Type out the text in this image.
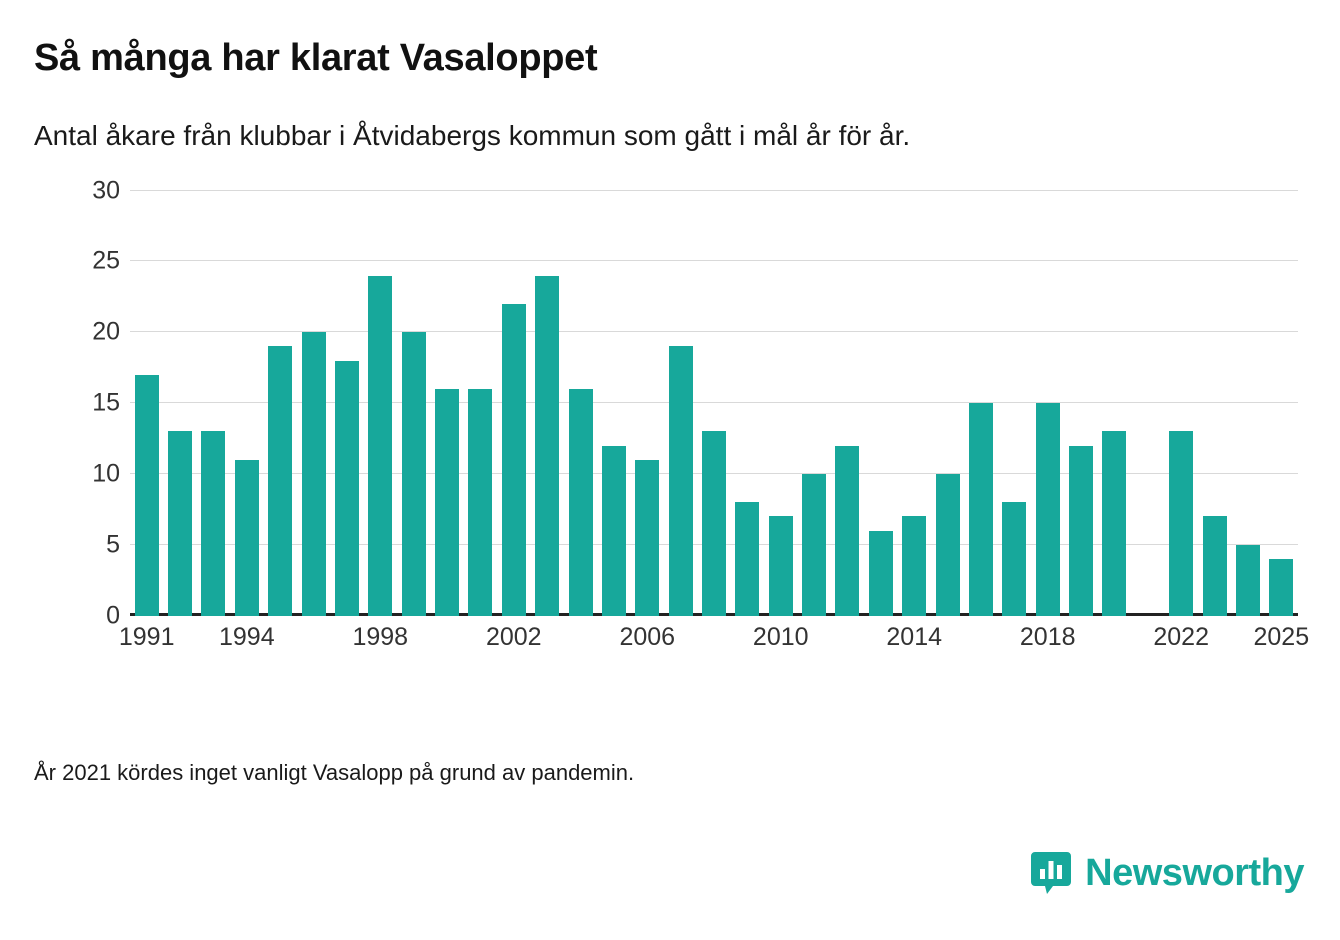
Så många har klarat Vasaloppet

Antal åkare från klubbar i Åtvidabergs kommun som gått i mål år för år.

0
5
10
15
20
25
30
1991 1994	1998	2002	2006	2010	2014	2018	2022 2025
År 2021 kördes inget vanligt Vasalopp på grund av pandemin.
Newsworthy
